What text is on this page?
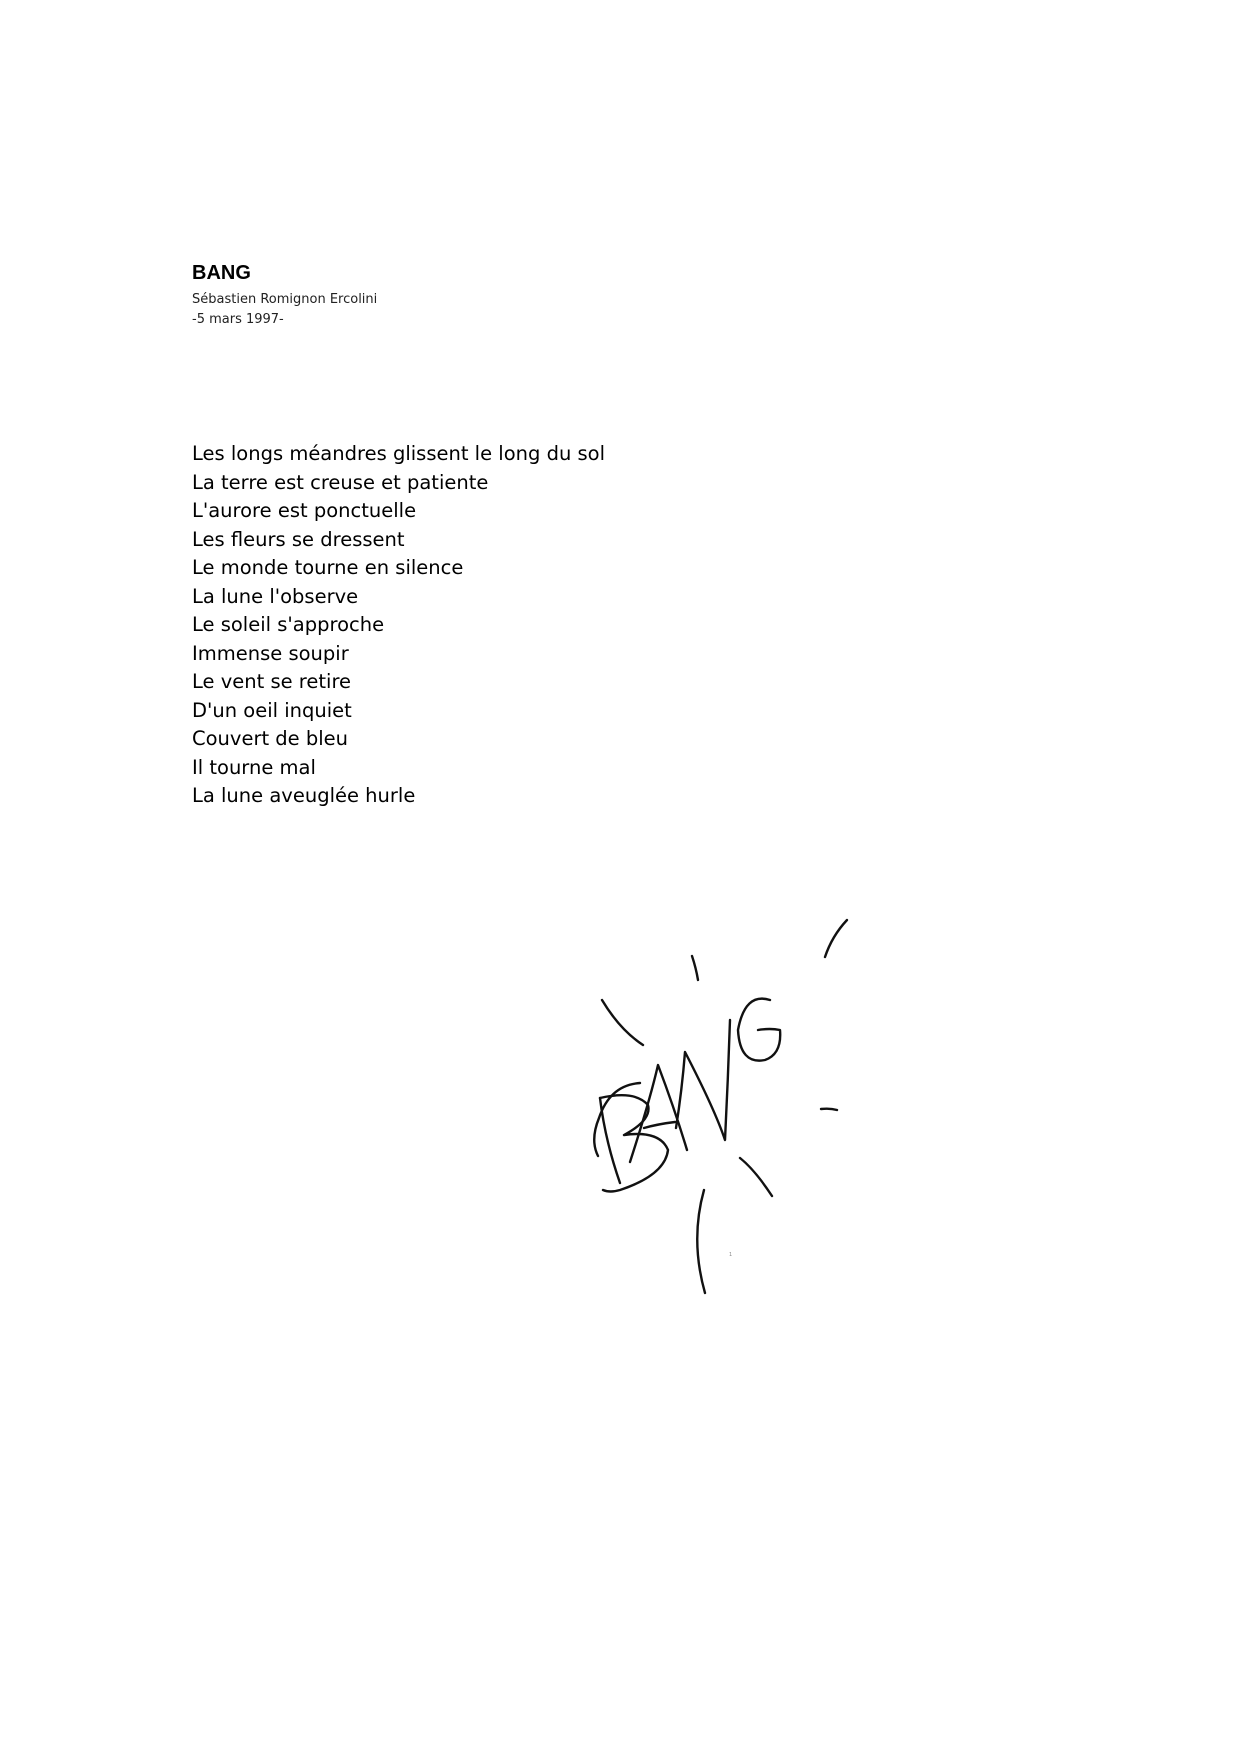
BANG

Sébastien Romignon Ercolini

-5 mars 1997-

Les longs méandres glissent le long du sol
La terre est creuse et patiente
L'aurore est ponctuelle
Les fleurs se dressent
Le monde tourne en silence
La lune l'observe
Le soleil s'approche
Immense soupir
Le vent se retire
D'un oeil inquiet
Couvert de bleu
Il tourne mal
La lune aveuglée hurle
1
